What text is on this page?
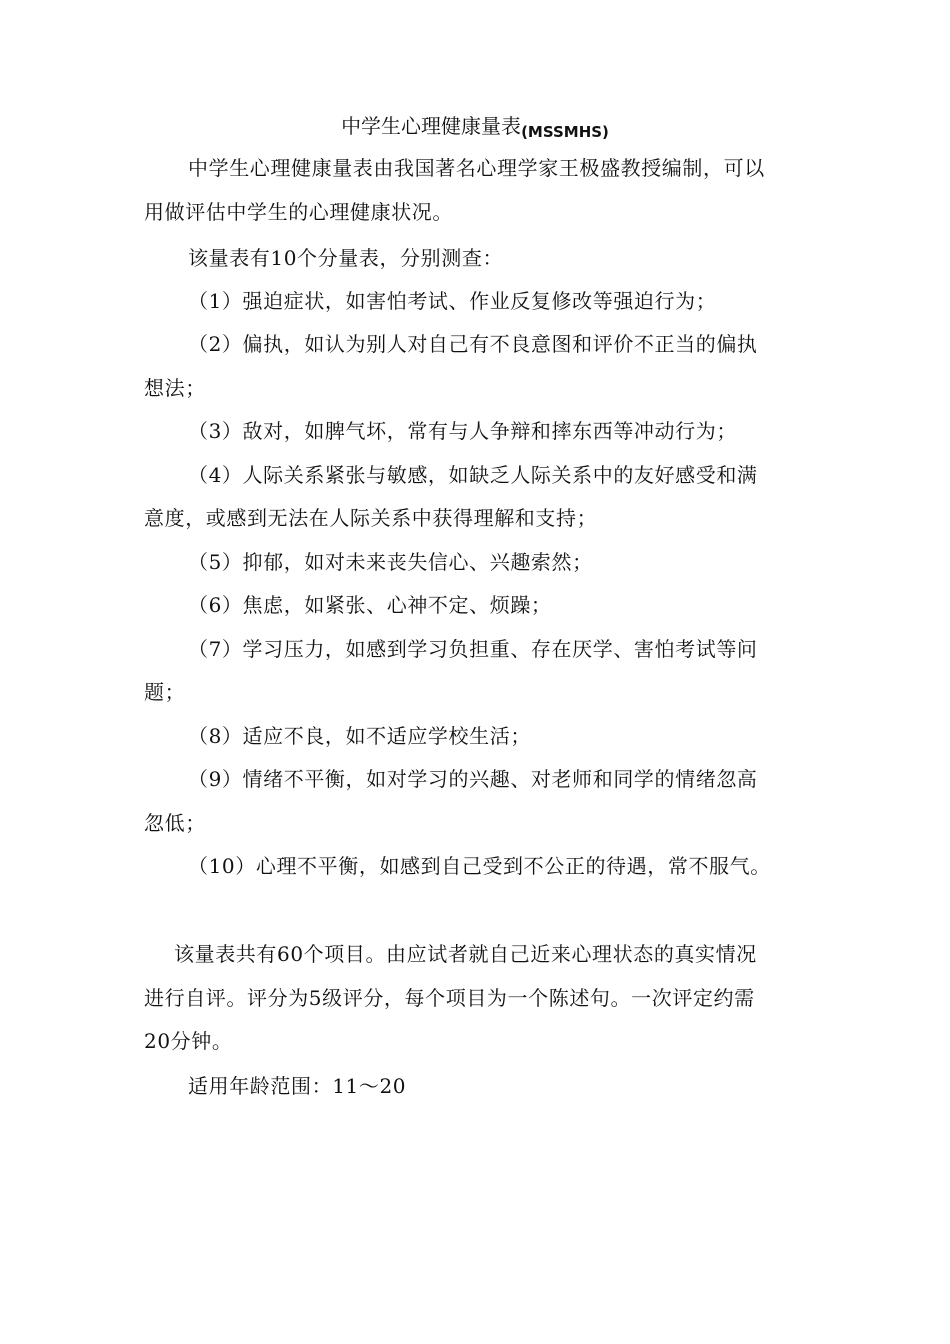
中学生心理健康量表$_{(MSSMHS)}$
中学生心理健康量表由我国著名心理学家王极盛教授编制，可以
用做评估中学生的心理健康状况。
该量表有10个分量表，分别测查：
（1）强迫症状，如害怕考试、作业反复修改等强迫行为；
（2）偏执，如认为别人对自己有不良意图和评价不正当的偏执
想法；
（3）敌对，如脾气坏，常有与人争辩和摔东西等冲动行为；
（4）人际关系紧张与敏感，如缺乏人际关系中的友好感受和满
意度，或感到无法在人际关系中获得理解和支持；
（5）抑郁，如对未来丧失信心、兴趣索然；
（6）焦虑，如紧张、心神不定、烦躁；
（7）学习压力，如感到学习负担重、存在厌学、害怕考试等问
题；
（8）适应不良，如不适应学校生活；
（9）情绪不平衡，如对学习的兴趣、对老师和同学的情绪忽高
忽低；
（10）心理不平衡，如感到自己受到不公正的待遇，常不服气。
该量表共有60个项目。由应试者就自己近来心理状态的真实情况
进行自评。评分为5级评分，每个项目为一个陈述句。一次评定约需
20分钟。
适用年龄范围：11～20
